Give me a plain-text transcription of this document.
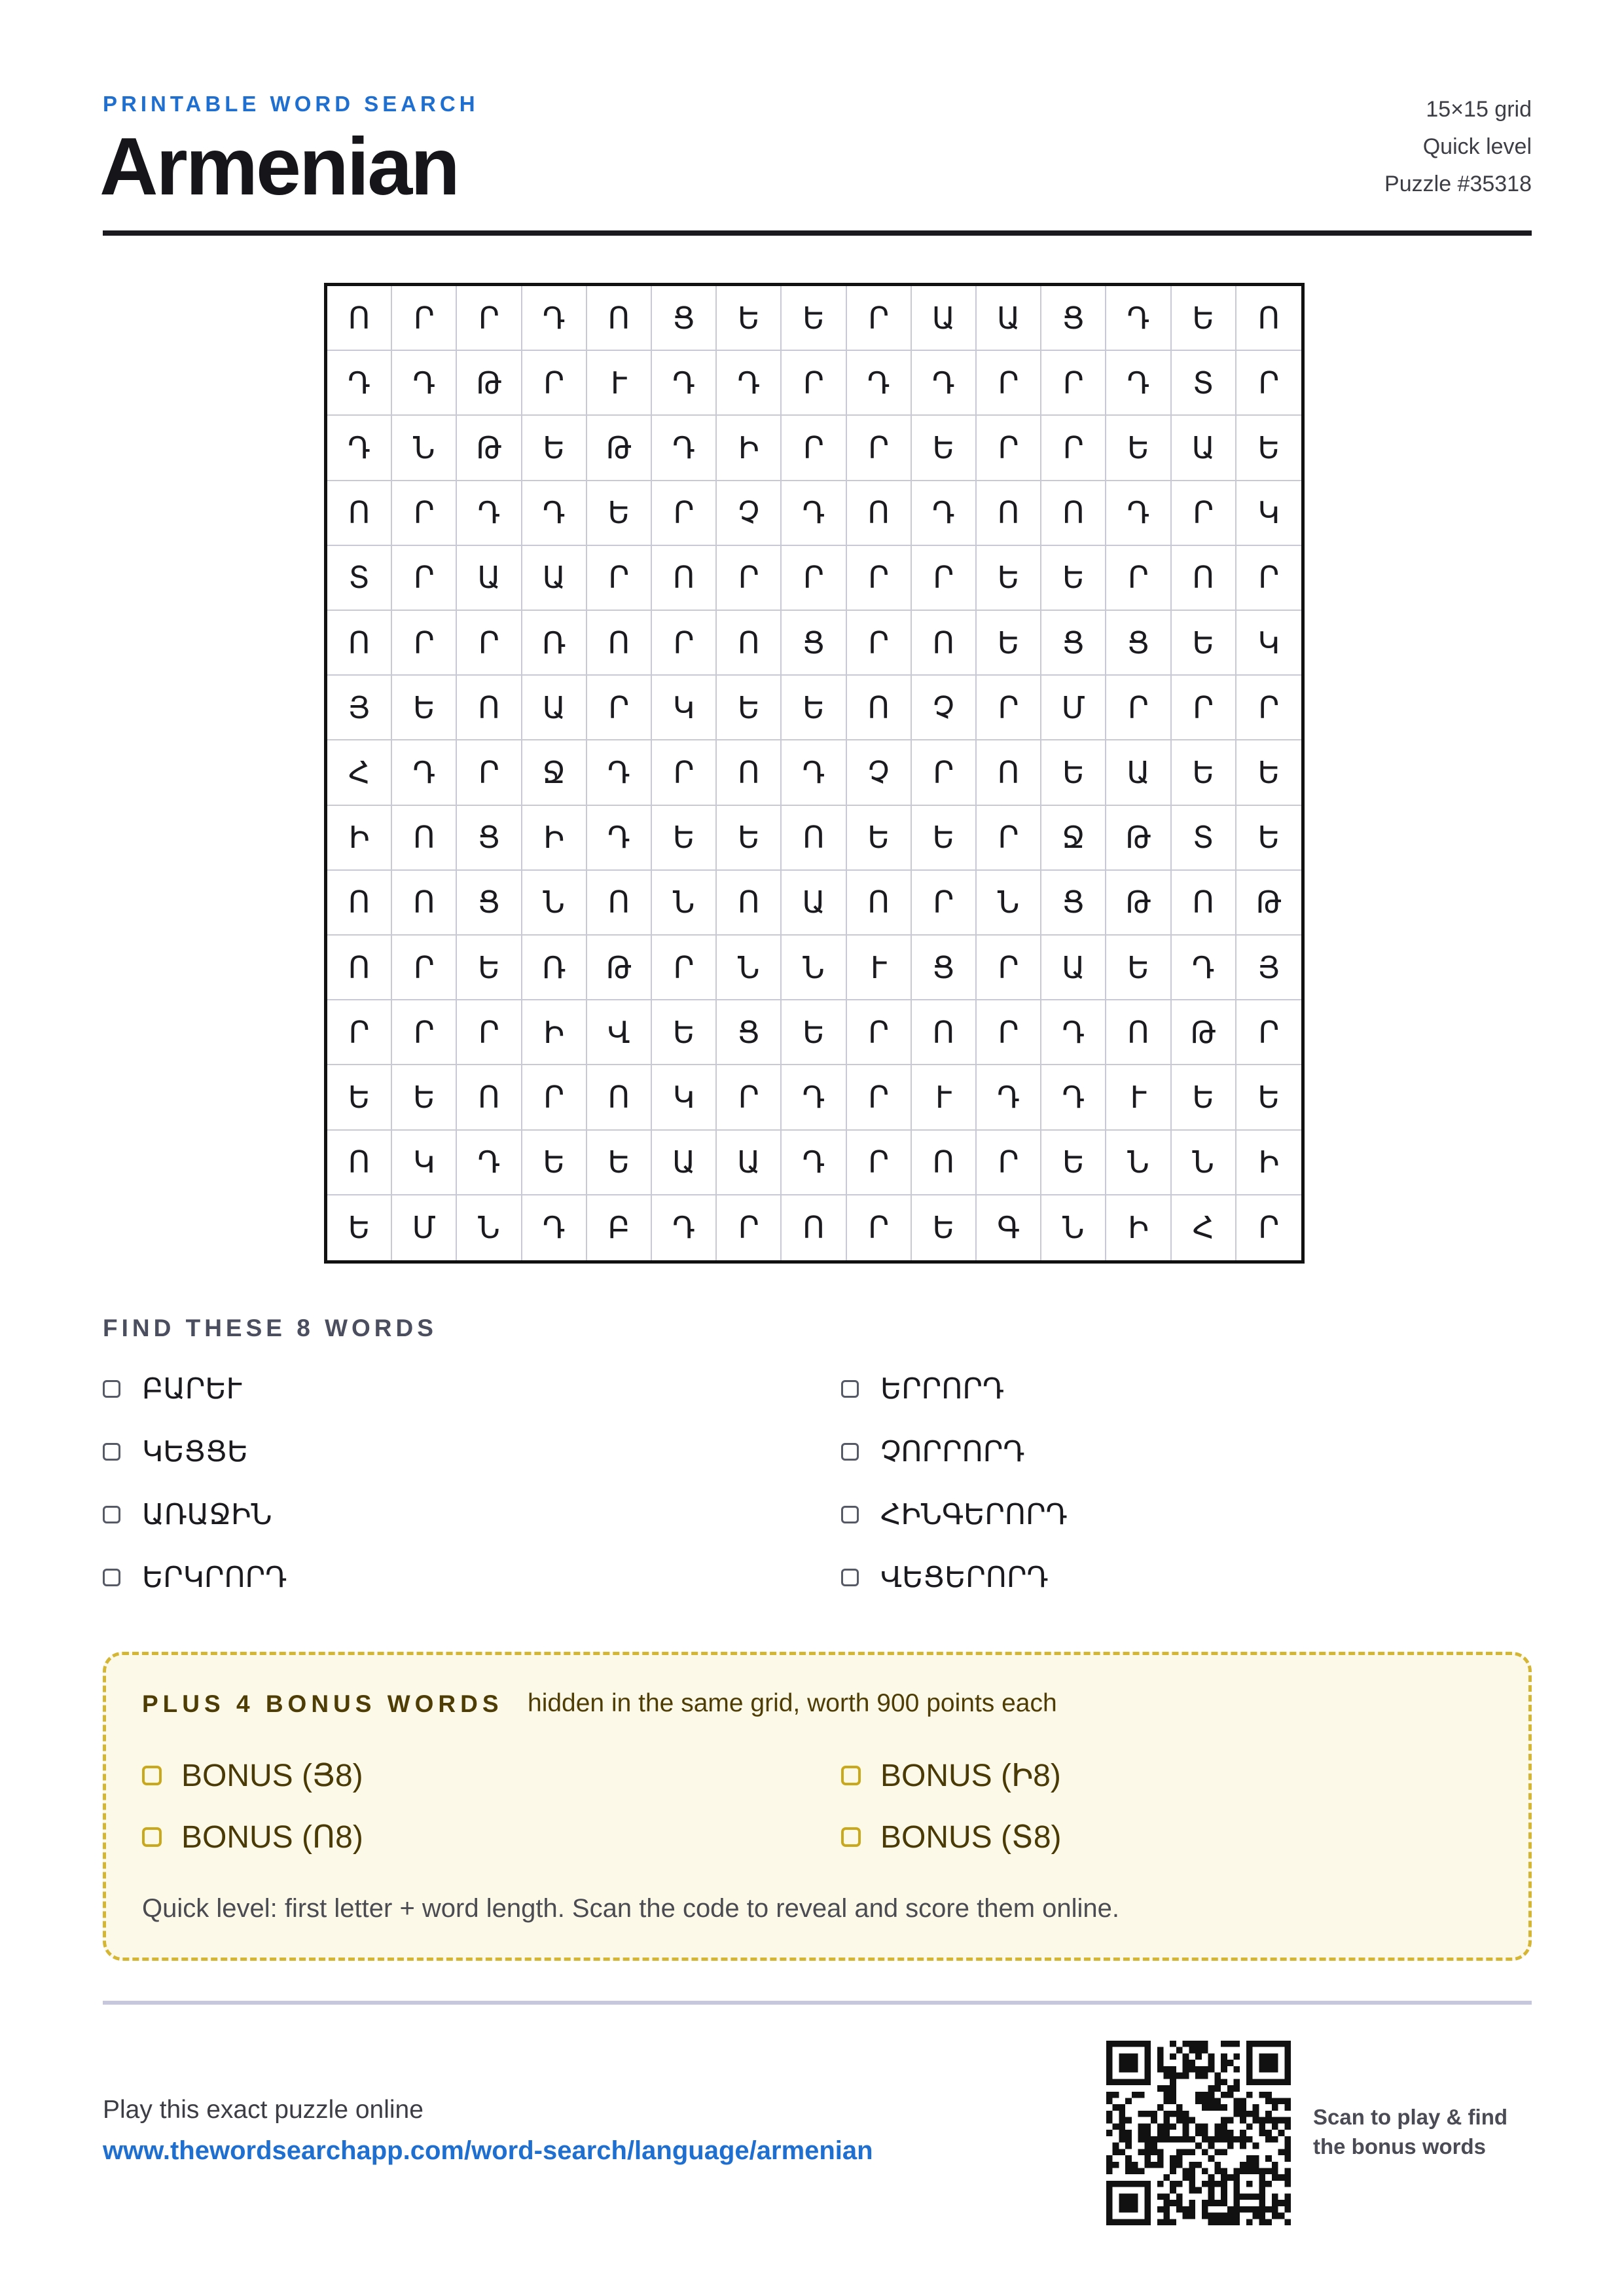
PRINTABLE WORD SEARCH
Armenian
15×15 grid
Quick level
Puzzle #35318
Ո	Ր	Ր	Դ	Ո	Ց	Ե	Ե	Ր	Ա	Ա	Ց	Դ	Ե	Ո
Դ	Դ	Թ	Ր	Ւ	Դ	Դ	Ր	Դ	Դ	Ր	Ր	Դ	Տ	Ր
Դ	Ն	Թ	Ե	Թ	Դ	Ի	Ր	Ր	Ե	Ր	Ր	Ե	Ա	Ե
Ո	Ր	Դ	Դ	Ե	Ր	Չ	Դ	Ո	Դ	Ո	Ո	Դ	Ր	Կ
Տ	Ր	Ա	Ա	Ր	Ո	Ր	Ր	Ր	Ր	Ե	Ե	Ր	Ո	Ր
Ո	Ր	Ր	Ռ	Ո	Ր	Ո	Ց	Ր	Ո	Ե	Ց	Ց	Ե	Կ
Յ	Ե	Ո	Ա	Ր	Կ	Ե	Ե	Ո	Չ	Ր	Մ	Ր	Ր	Ր
Հ	Դ	Ր	Ջ	Դ	Ր	Ո	Դ	Չ	Ր	Ո	Ե	Ա	Ե	Ե
Ի	Ո	Ց	Ի	Դ	Ե	Ե	Ո	Ե	Ե	Ր	Ջ	Թ	Տ	Ե
Ո	Ո	Ց	Ն	Ո	Ն	Ո	Ա	Ո	Ր	Ն	Ց	Թ	Ո	Թ
Ո	Ր	Ե	Ռ	Թ	Ր	Ն	Ն	Ւ	Ց	Ր	Ա	Ե	Դ	Յ
Ր	Ր	Ր	Ի	Վ	Ե	Ց	Ե	Ր	Ո	Ր	Դ	Ո	Թ	Ր
Ե	Ե	Ո	Ր	Ո	Կ	Ր	Դ	Ր	Ւ	Դ	Դ	Ւ	Ե	Ե
Ո	Կ	Դ	Ե	Ե	Ա	Ա	Դ	Ր	Ո	Ր	Ե	Ն	Ն	Ի
Ե	Մ	Ն	Դ	Բ	Դ	Ր	Ո	Ր	Ե	Գ	Ն	Ի	Հ	Ր
FIND THESE 8 WORDS
ԲԱՐԵՒ
ԿԵՑՑԵ
ԱՌԱՋԻՆ
ԵՐԿՐՈՐԴ
ԵՐՐՈՐԴ
ՉՈՐՐՈՐԴ
ՀԻՆԳԵՐՈՐԴ
ՎԵՑԵՐՈՐԴ
PLUS 4 BONUS WORDS hidden in the same grid, worth 900 points each
BONUS (Յ8)
BONUS (Ո8)
BONUS (Ի8)
BONUS (Տ8)
Quick level: first letter + word length. Scan the code to reveal and score them online.
Play this exact puzzle online
www.thewordsearchapp.com/word-search/language/armenian
Scan to play & find
the bonus words
